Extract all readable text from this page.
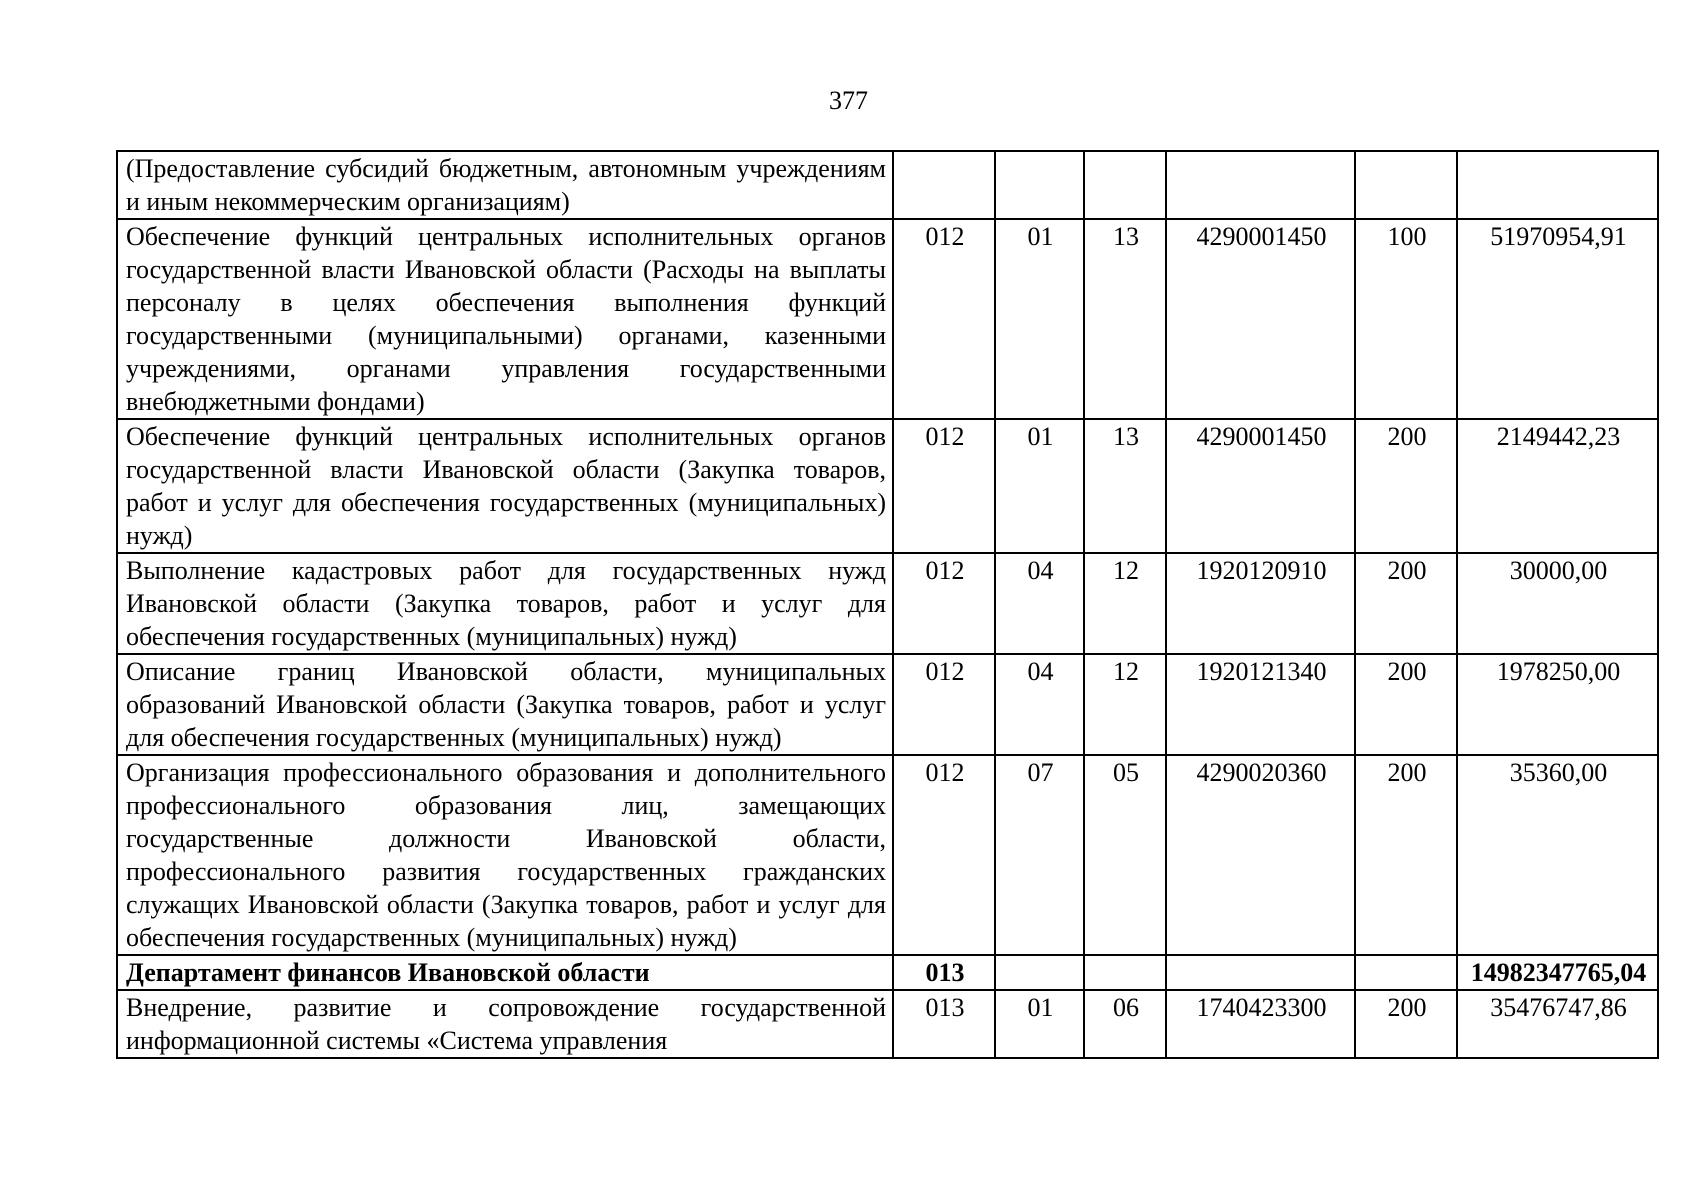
377
(Предоставление субсидий бюджетным, автономным учреждениям и иным некоммерческим организациям)						
Обеспечение функций центральных исполнительных органов государственной власти Ивановской области (Расходы на выплаты персоналу в целях обеспечения выполнения функций государственными (муниципальными) органами, казенными учреждениями, органами управления государственными внебюджетными фондами)	012	01	13	4290001450	100	51970954,91
Обеспечение функций центральных исполнительных органов государственной власти Ивановской области (Закупка товаров, работ и услуг для обеспечения государственных (муниципальных) нужд)	012	01	13	4290001450	200	2149442,23
Выполнение кадастровых работ для государственных нужд Ивановской области (Закупка товаров, работ и услуг для обеспечения государственных (муниципальных) нужд)	012	04	12	1920120910	200	30000,00
Описание границ Ивановской области, муниципальных образований Ивановской области (Закупка товаров, работ и услуг для обеспечения государственных (муниципальных) нужд)	012	04	12	1920121340	200	1978250,00
Организация профессионального образования и дополнительного профессионального образования лиц, замещающих государственные должности Ивановской области, профессионального развития государственных гражданских служащих Ивановской области (Закупка товаров, работ и услуг для обеспечения государственных (муниципальных) нужд)	012	07	05	4290020360	200	35360,00
Департамент финансов Ивановской области	013					14982347765,04
Внедрение, развитие и сопровождение государственной информационной системы «Система управления	013	01	06	1740423300	200	35476747,86
